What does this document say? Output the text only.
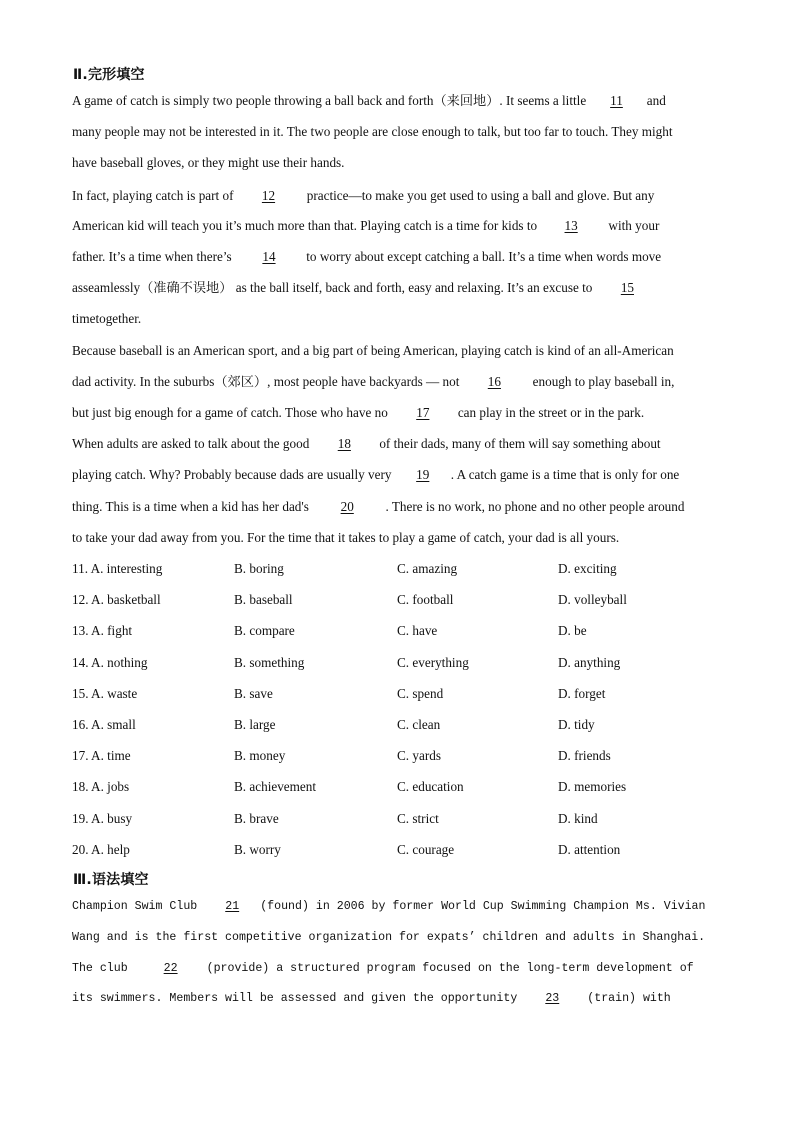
Ⅱ.完形填空
A game of catch is simply two people throwing a ball back and forth（来回地）. It seems a little 11 and
many people may not be interested in it. The two people are close enough to talk, but too far to touch. They might
have baseball gloves, or they might use their hands.
In fact, playing catch is part of 12 practice—to make you get used to using a ball and glove. But any
American kid will teach you it’s much more than that. Playing catch is a time for kids to 13 with your
father. It’s a time when there’s 14 to worry about except catching a ball. It’s a time when words move
asseamlessly（准确不误地） as the ball itself, back and forth, easy and relaxing. It’s an excuse to 15
timetogether.
Because baseball is an American sport, and a big part of being American, playing catch is kind of an all-American
dad activity. In the suburbs（郊区）, most people have backyards — not 16 enough to play baseball in,
but just big enough for a game of catch. Those who have no 17 can play in the street or in the park.
When adults are asked to talk about the good 18 of their dads, many of them will say something about
playing catch. Why? Probably because dads are usually very 19 . A catch game is a time that is only for one
thing. This is a time when a kid has her dad's 20 . There is no work, no phone and no other people around
to take your dad away from you. For the time that it takes to play a game of catch, your dad is all yours.
11. A. interesting	B. boring	C. amazing	D. exciting
12. A. basketball	B. baseball	C. football	D. volleyball
13. A. fight	B. compare	C. have	D. be
14. A. nothing	B. something	C. everything	D. anything
15. A. waste	B. save	C. spend	D. forget
16. A. small	B. large	C. clean	D. tidy
17. A. time	B. money	C. yards	D. friends
18. A. jobs	B. achievement	C. education	D. memories
19. A. busy	B. brave	C. strict	D. kind
20. A. help	B. worry	C. courage	D. attention
Ⅲ.语法填空
Champion Swim Club 21 (found) in 2006 by former World Cup Swimming Champion Ms. Vivian
Wang and is the first competitive organization for expats’ children and adults in Shanghai.
The club	22	(provide) a structured program focused on the long-term development of
its swimmers. Members will be assessed and given the opportunity 23 (train) with
